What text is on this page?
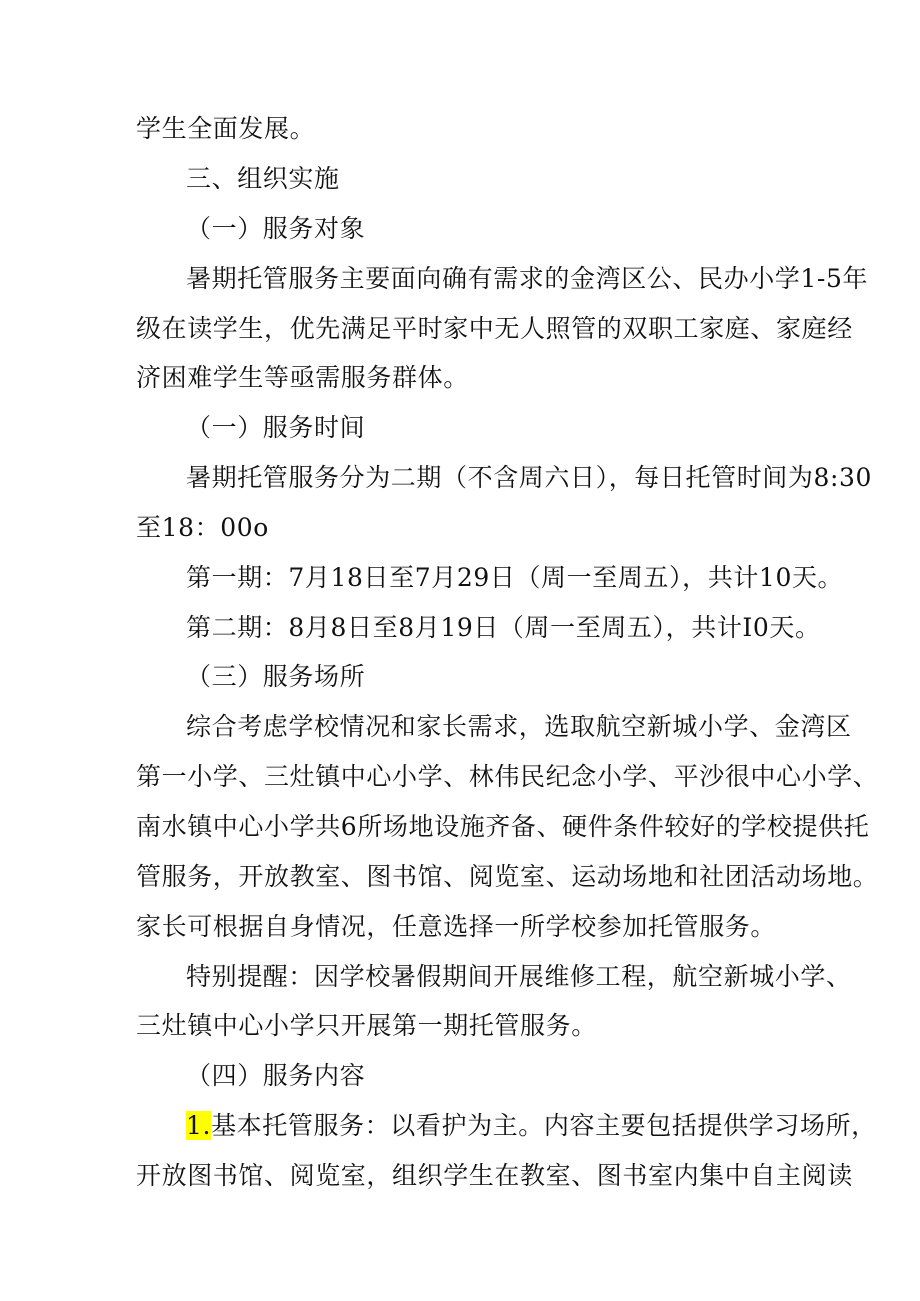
学生全面发展。
三、组织实施
（一）服务对象
暑期托管服务主要面向确有需求的金湾区公、民办小学1-5年
级在读学生，优先满足平时家中无人照管的双职工家庭、家庭经
济困难学生等亟需服务群体。
（一）服务时间
暑期托管服务分为二期（不含周六日），每日托管时间为8:30
至18：00o
第一期：7月18日至7月29日（周一至周五），共计10天。
第二期：8月8日至8月19日（周一至周五），共计I0天。
（三）服务场所
综合考虑学校情况和家长需求，选取航空新城小学、金湾区
第一小学、三灶镇中心小学、林伟民纪念小学、平沙很中心小学、
南水镇中心小学共6所场地设施齐备、硬件条件较好的学校提供托
管服务，开放教室、图书馆、阅览室、运动场地和社团活动场地。
家长可根据自身情况，任意选择一所学校参加托管服务。
特别提醒：因学校暑假期间开展维修工程，航空新城小学、
三灶镇中心小学只开展第一期托管服务。
（四）服务内容
1.基本托管服务：以看护为主。内容主要包括提供学习场所，
开放图书馆、阅览室，组织学生在教室、图书室内集中自主阅读
